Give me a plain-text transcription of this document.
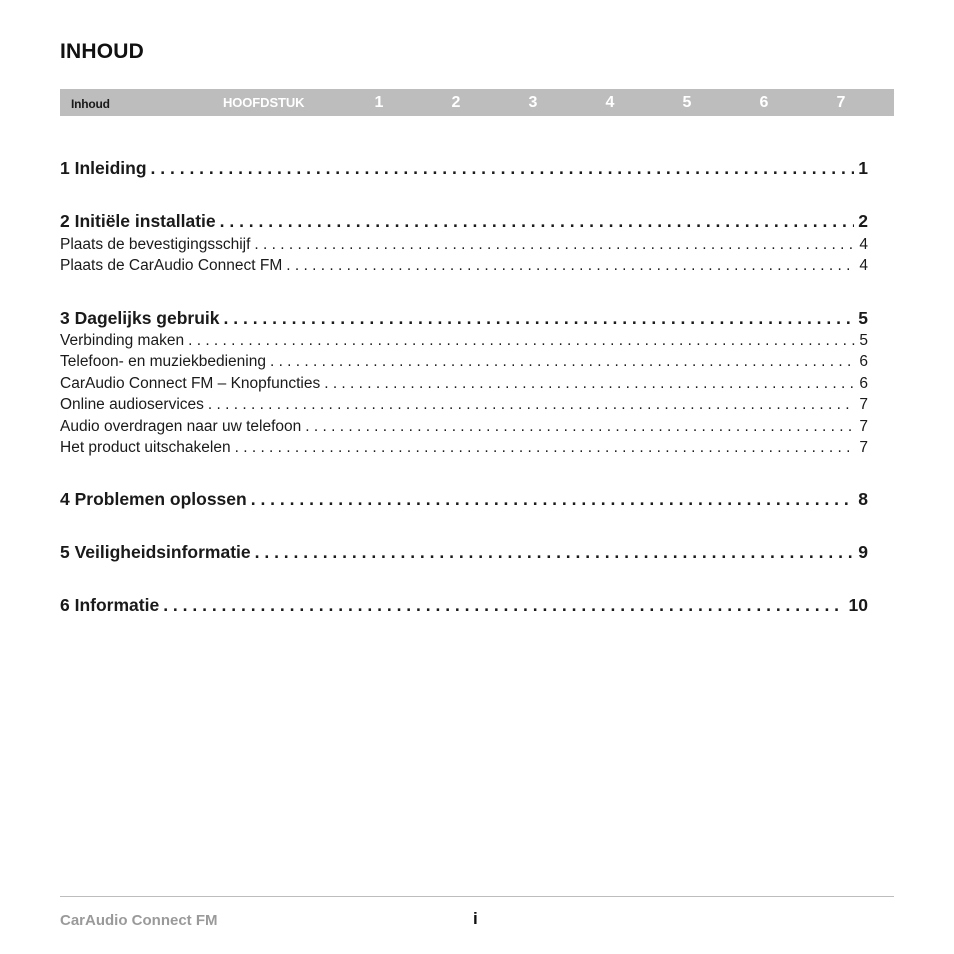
INHOUD
Inhoud	HOOFDSTUK	1	2	3	4	5	6	7
1 Inleiding . . .	1
2 Initiële installatie . . .	2
Plaats de bevestigingsschijf . . .	4
Plaats de CarAudio Connect FM . . .	4
3 Dagelijks gebruik . . .	5
Verbinding maken . . .	5
Telefoon- en muziekbediening . . .	6
CarAudio Connect FM – Knopfuncties . . .	6
Online audioservices . . .	7
Audio overdragen naar uw telefoon . . .	7
Het product uitschakelen . . .	7
4 Problemen oplossen . . .	8
5 Veiligheidsinformatie . . .	9
6 Informatie . . .	10
CarAudio Connect FM	i
